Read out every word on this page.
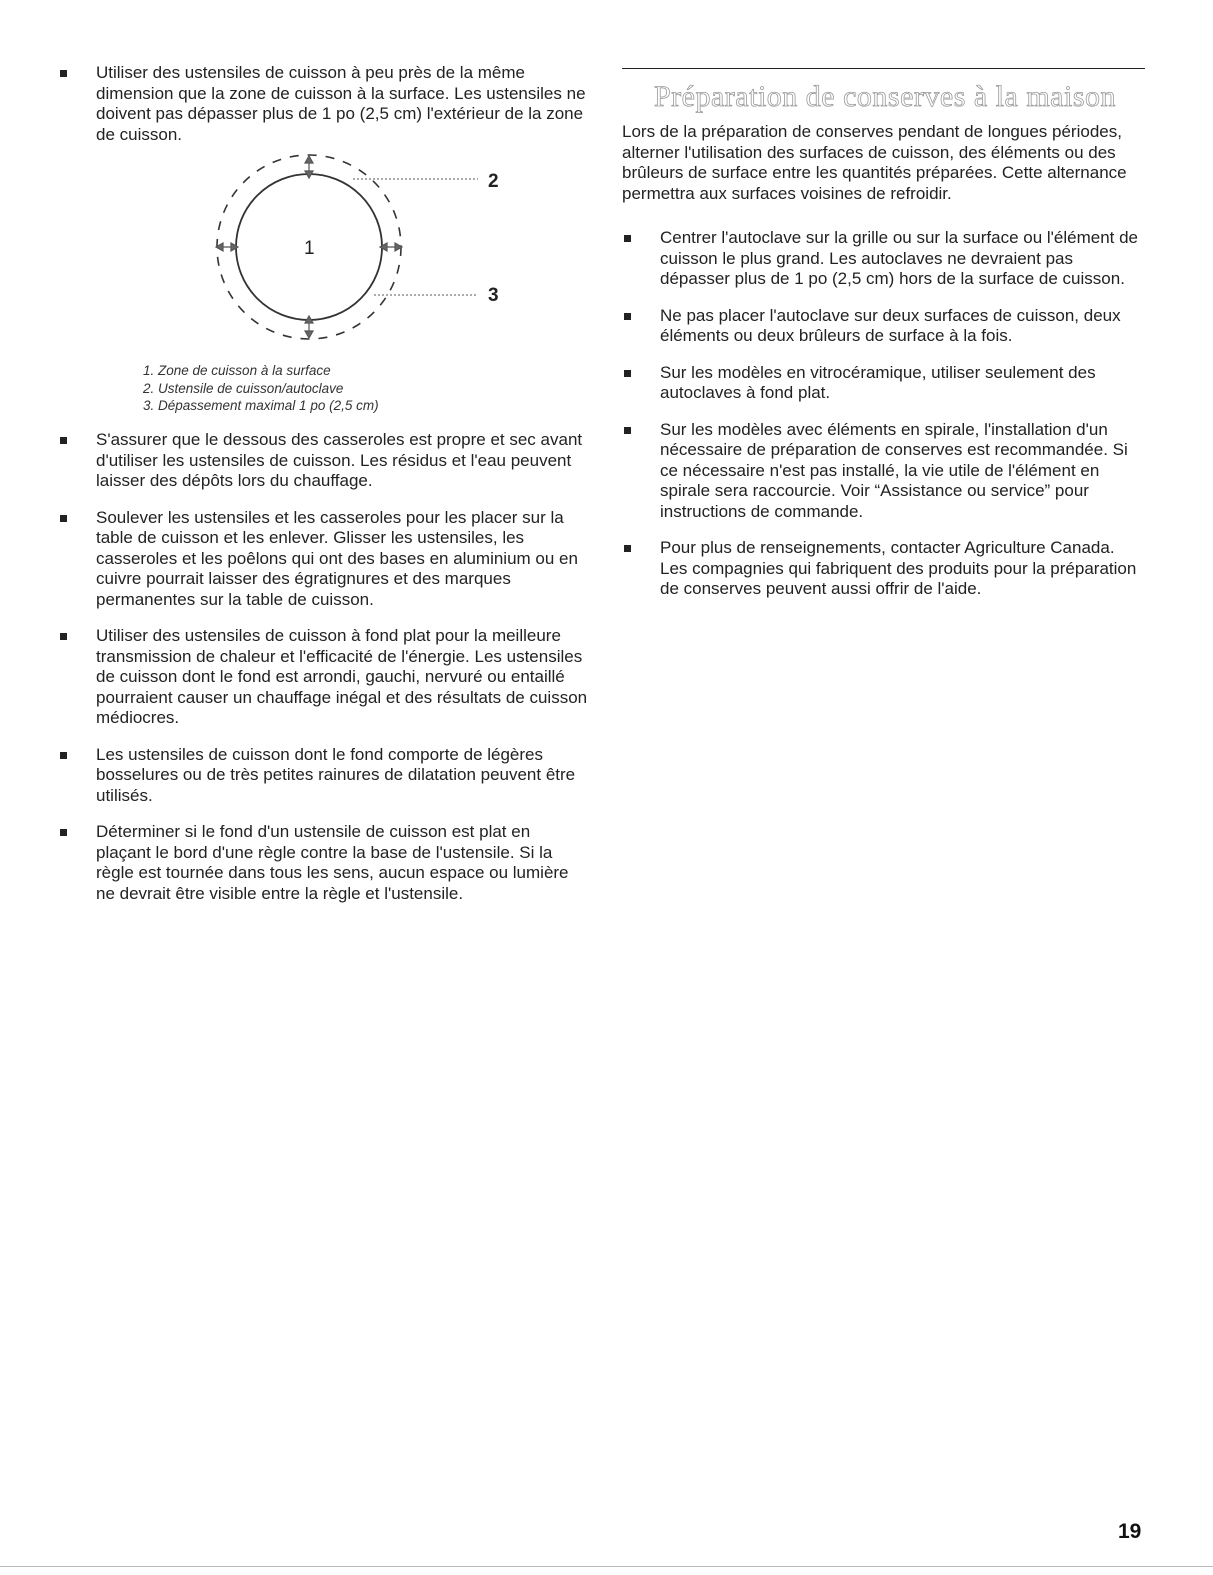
Utiliser des ustensiles de cuisson à peu près de la même dimension que la zone de cuisson à la surface. Les ustensiles ne doivent pas dépasser plus de 1 po (2,5 cm) l'extérieur de la zone de cuisson.
1
2
3
1. Zone de cuisson à la surface
2. Ustensile de cuisson/autoclave
3. Dépassement maximal 1 po (2,5 cm)
S'assurer que le dessous des casseroles est propre et sec avant d'utiliser les ustensiles de cuisson. Les résidus et l'eau peuvent laisser des dépôts lors du chauffage.
Soulever les ustensiles et les casseroles pour les placer sur la table de cuisson et les enlever. Glisser les ustensiles, les casseroles et les poêlons qui ont des bases en aluminium ou en cuivre pourrait laisser des égratignures et des marques permanentes sur la table de cuisson.
Utiliser des ustensiles de cuisson à fond plat pour la meilleure transmission de chaleur et l'efficacité de l'énergie. Les ustensiles de cuisson dont le fond est arrondi, gauchi, nervuré ou entaillé pourraient causer un chauffage inégal et des résultats de cuisson médiocres.
Les ustensiles de cuisson dont le fond comporte de légères bosselures ou de très petites rainures de dilatation peuvent être utilisés.
Déterminer si le fond d'un ustensile de cuisson est plat en plaçant le bord d'une règle contre la base de l'ustensile. Si la règle est tournée dans tous les sens, aucun espace ou lumière ne devrait être visible entre la règle et l'ustensile.
Préparation de conserves à la maison

Lors de la préparation de conserves pendant de longues périodes, alterner l'utilisation des surfaces de cuisson, des éléments ou des brûleurs de surface entre les quantités préparées. Cette alternance permettra aux surfaces voisines de refroidir.

Centrer l'autoclave sur la grille ou sur la surface ou l'élément de cuisson le plus grand. Les autoclaves ne devraient pas dépasser plus de 1 po (2,5 cm) hors de la surface de cuisson.
Ne pas placer l'autoclave sur deux surfaces de cuisson, deux éléments ou deux brûleurs de surface à la fois.
Sur les modèles en vitrocéramique, utiliser seulement des autoclaves à fond plat.
Sur les modèles avec éléments en spirale, l'installation d'un nécessaire de préparation de conserves est recommandée. Si ce nécessaire n'est pas installé, la vie utile de l'élément en spirale sera raccourcie. Voir “Assistance ou service” pour instructions de commande.
Pour plus de renseignements, contacter Agriculture Canada. Les compagnies qui fabriquent des produits pour la préparation de conserves peuvent aussi offrir de l'aide.
19
